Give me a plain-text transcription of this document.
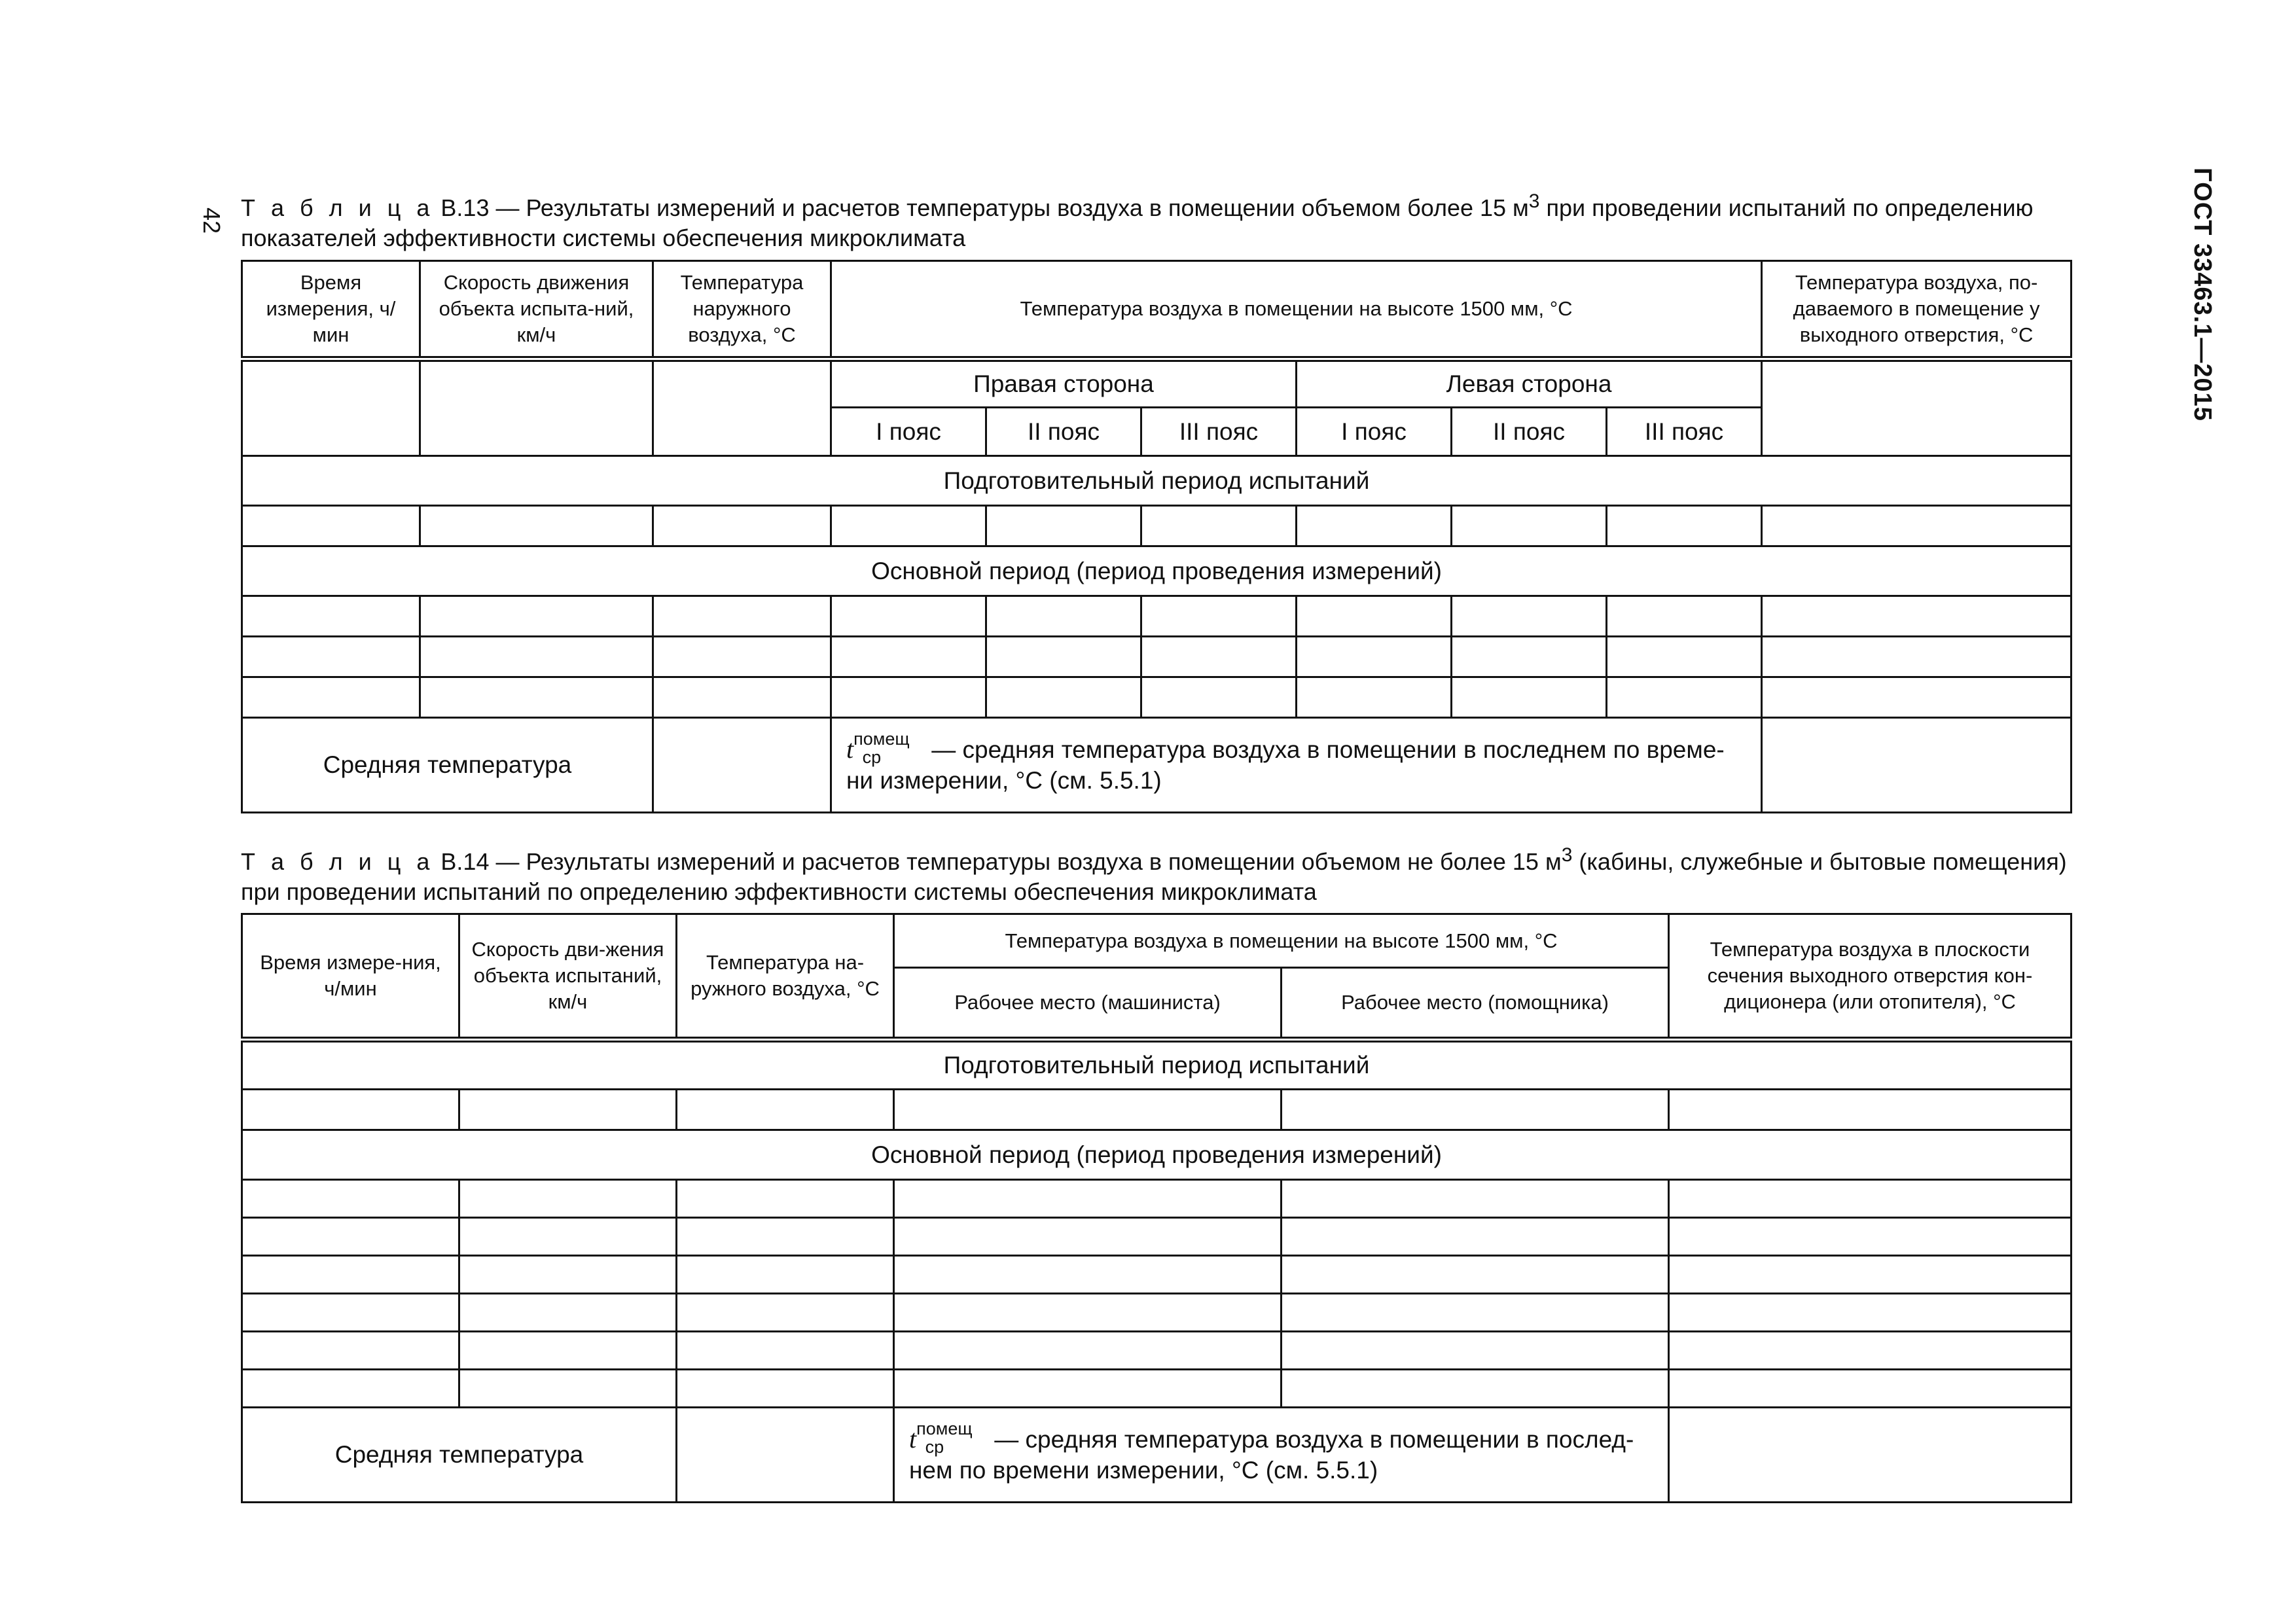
42	ГОСТ 33463.1—2015
Т а б л и ц а В.13 — Результаты измерений и расчетов температуры воздуха в помещении объемом более 15 $м^3$ при проведении испытаний по определению показателей эффективности системы обеспечения микроклимата
Время измерения, ч/мин	Скорость движения объекта испыта-ний, км/ч	Температура наружного воздуха, °С	Температура воздуха в помещении на высоте 1500 мм, °С						Температура воздуха, по-даваемого в помещение у выходного отверстия, °С
			Правая сторона			Левая сторона			
			I пояс	II пояс	III пояс	I пояс	II пояс	III пояс	
Подготовительный период испытаний									

Основной период (период проведения измерений)									

Средняя температура			$t^{помещ}_{ср}$ — средняя температура воздуха в помещении в последнем по време-ни измерении, °С (см. 5.5.1)						
Т а б л и ц а В.14 — Результаты измерений и расчетов температуры воздуха в помещении объемом не более 15 $м^3$ (кабины, служебные и бытовые помещения) при проведении испытаний по определению эффективности системы обеспечения микроклимата
Время измере-ния, ч/мин	Скорость дви-жения объекта испытаний, км/ч	Температура на-ружного воздуха, °С	Температура воздуха в помещении на высоте 1500 мм, °С		Температура воздуха в плоскости сечения выходного отверстия кон-диционера (или отопителя), °С
			Рабочее место (машиниста)	Рабочее место (помощника)	
Подготовительный период испытаний					

Основной период (период проведения измерений)					

Средняя температура			$t^{помещ}_{ср}$ — средняя температура воздуха в помещении в послед-нем по времени измерении, °С (см. 5.5.1)		
